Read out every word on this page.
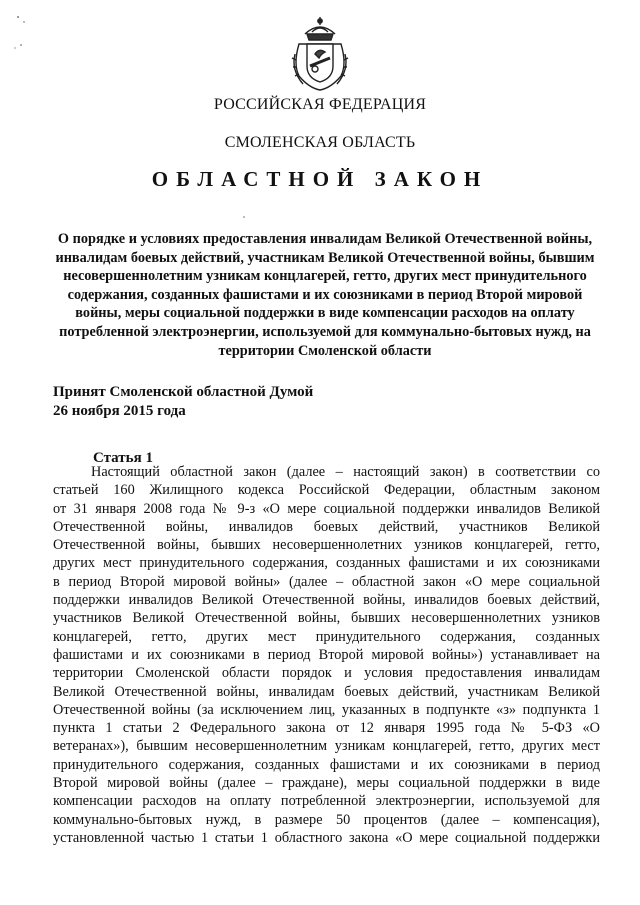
РОССИЙСКАЯ ФЕДЕРАЦИЯ
СМОЛЕНСКАЯ ОБЛАСТЬ
ОБЛАСТНОЙ ЗАКОН
О порядке и условиях предоставления инвалидам Великой Отечественной войны, инвалидам боевых действий, участникам Великой Отечественной войны, бывшим несовершеннолетним узникам концлагерей, гетто, других мест принудительного содержания, созданных фашистами и их союзниками в период Второй мировой войны, меры социальной поддержки в виде компенсации расходов на оплату потребленной электроэнергии, используемой для коммунально-бытовых нужд, на территории Смоленской области
Принят Смоленской областной Думой
26 ноября 2015 года
Статья 1
Настоящий областной закон (далее – настоящий закон) в соответствии со
статьей 160 Жилищного кодекса Российской Федерации, областным законом
от 31 января 2008 года № 9-з «О мере социальной поддержки инвалидов Великой
Отечественной войны, инвалидов боевых действий, участников Великой
Отечественной войны, бывших несовершеннолетних узников концлагерей, гетто,
других мест принудительного содержания, созданных фашистами и их союзниками
в период Второй мировой войны» (далее – областной закон «О мере социальной
поддержки инвалидов Великой Отечественной войны, инвалидов боевых действий,
участников Великой Отечественной войны, бывших несовершеннолетних узников
концлагерей, гетто, других мест принудительного содержания, созданных
фашистами и их союзниками в период Второй мировой войны») устанавливает на
территории Смоленской области порядок и условия предоставления инвалидам
Великой Отечественной войны, инвалидам боевых действий, участникам Великой
Отечественной войны (за исключением лиц, указанных в подпункте «з» подпункта 1
пункта 1 статьи 2 Федерального закона от 12 января 1995 года № 5-ФЗ «О
ветеранах»), бывшим несовершеннолетним узникам концлагерей, гетто, других мест
принудительного содержания, созданных фашистами и их союзниками в период
Второй мировой войны (далее – граждане), меры социальной поддержки в виде
компенсации расходов на оплату потребленной электроэнергии, используемой для
коммунально-бытовых нужд, в размере 50 процентов (далее – компенсация),
установленной частью 1 статьи 1 областного закона «О мере социальной поддержки
